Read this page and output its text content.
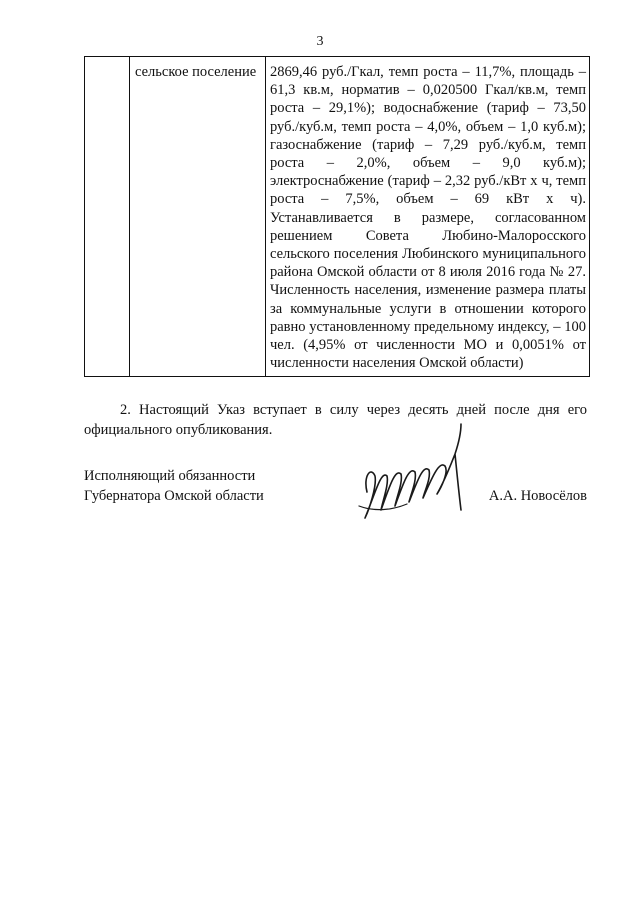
3
	сельское поселение	2869,46 руб./Гкал, темп роста – 11,7%, площадь – 61,3 кв.м, норматив – 0,020500 Гкал/кв.м, темп роста – 29,1%); водоснабжение (тариф – 73,50 руб./куб.м, темп роста – 4,0%, объем – 1,0 куб.м); газоснабжение (тариф – 7,29 руб./куб.м, темп роста – 2,0%, объем – 9,0 куб.м); электроснабжение (тариф – 2,32 руб./кВт х ч, темп роста – 7,5%, объем – 69 кВт х ч). Устанавливается в размере, согласованном решением Совета Любино-Малоросского сельского поселения Любинского муниципального района Омской области от 8 июля 2016 года № 27. Численность населения, изменение размера платы за коммунальные услуги в отношении которого равно установленному предельному индексу, – 100 чел. (4,95% от численности МО и 0,0051% от численности населения Омской области)
2. Настоящий Указ вступает в силу через десять дней после дня его официального опубликования.
Исполняющий обязанности
Губернатора Омской области	А.А. Новосёлов
